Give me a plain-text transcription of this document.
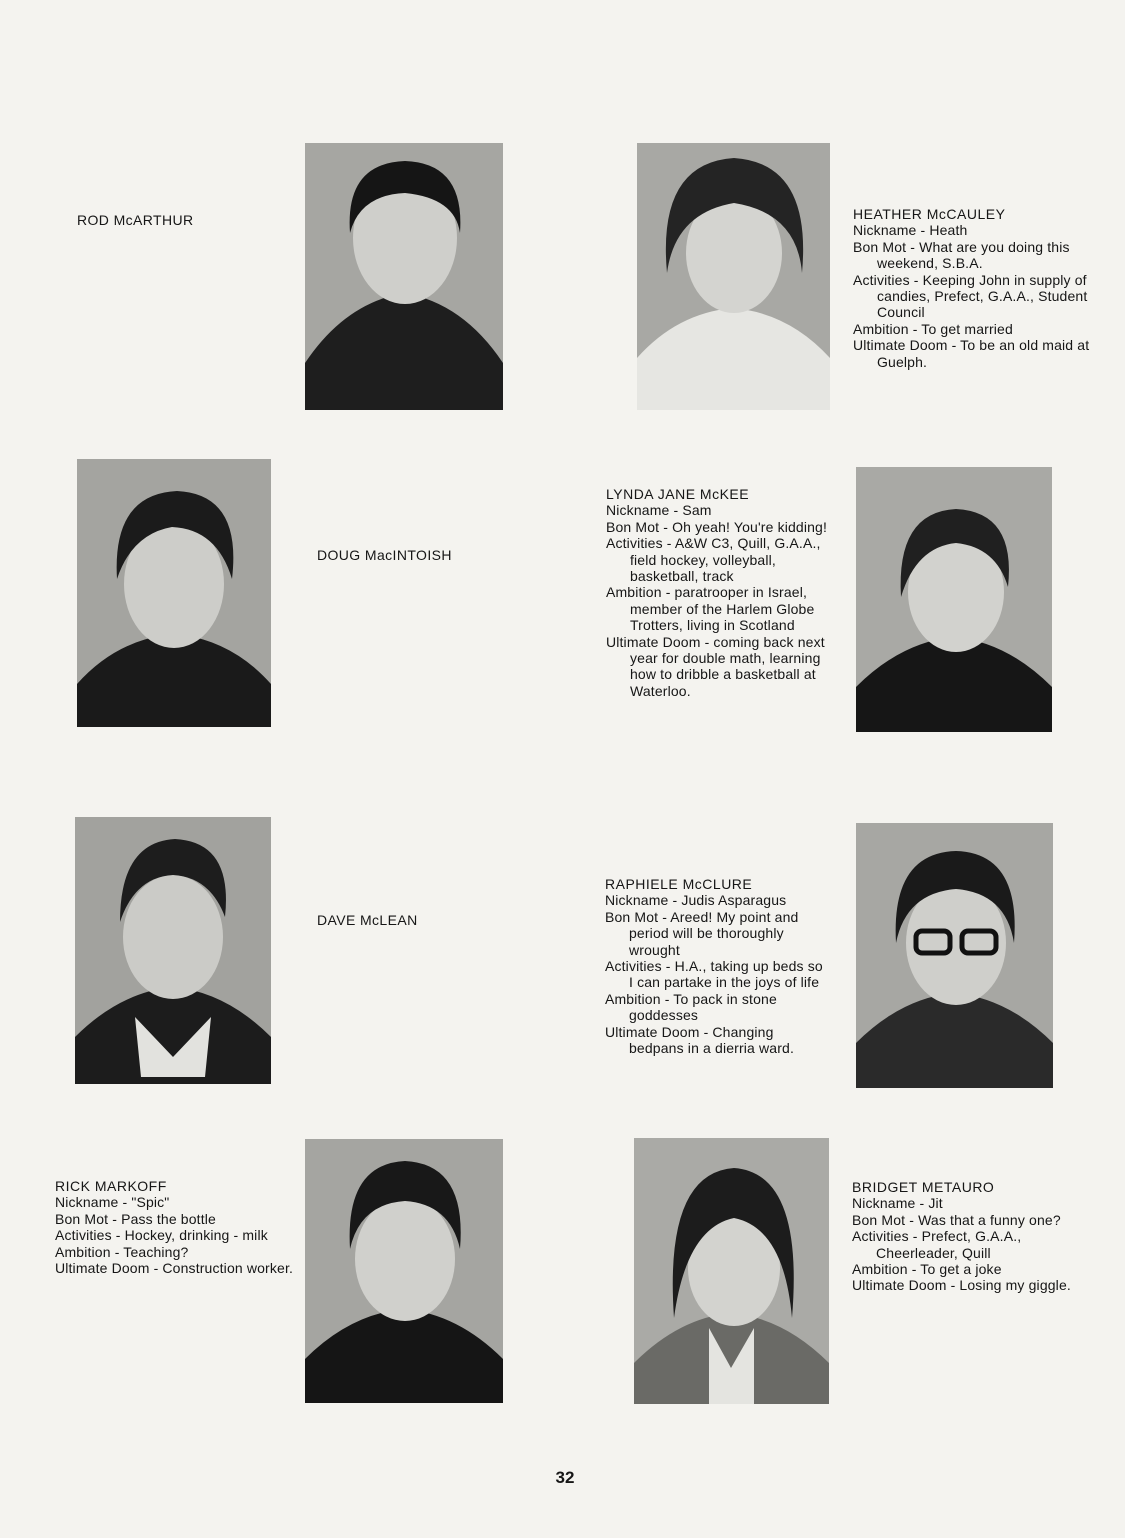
ROD McARTHUR	HEATHER McCAULEY
Nickname - Heath
Bon Mot - What are you doing this weekend, S.B.A.
Activities - Keeping John in supply of candies, Prefect, G.A.A., Student Council
Ambition - To get married
Ultimate Doom - To be an old maid at Guelph.
DOUG MacINTOISH
LYNDA JANE McKEE
Nickname - Sam
Bon Mot - Oh yeah! You're kidding!
Activities - A&W C3, Quill, G.A.A., field hockey, volleyball, basketball, track
Ambition - paratrooper in Israel, member of the Harlem Globe Trotters, living in Scotland
Ultimate Doom - coming back next year for double math, learning how to dribble a basketball at Waterloo.
DAVE McLEAN
RAPHIELE McCLURE
Nickname - Judis Asparagus
Bon Mot - Areed! My point and period will be thoroughly wrought
Activities - H.A., taking up beds so I can partake in the joys of life
Ambition - To pack in stone goddesses
Ultimate Doom - Changing bedpans in a dierria ward.
RICK MARKOFF
Nickname - "Spic"
Bon Mot - Pass the bottle
Activities - Hockey, drinking - milk
Ambition - Teaching?
Ultimate Doom - Construction worker.
BRIDGET METAURO
Nickname - Jit
Bon Mot - Was that a funny one?
Activities - Prefect, G.A.A., Cheerleader, Quill
Ambition - To get a joke
Ultimate Doom - Losing my giggle.
32
